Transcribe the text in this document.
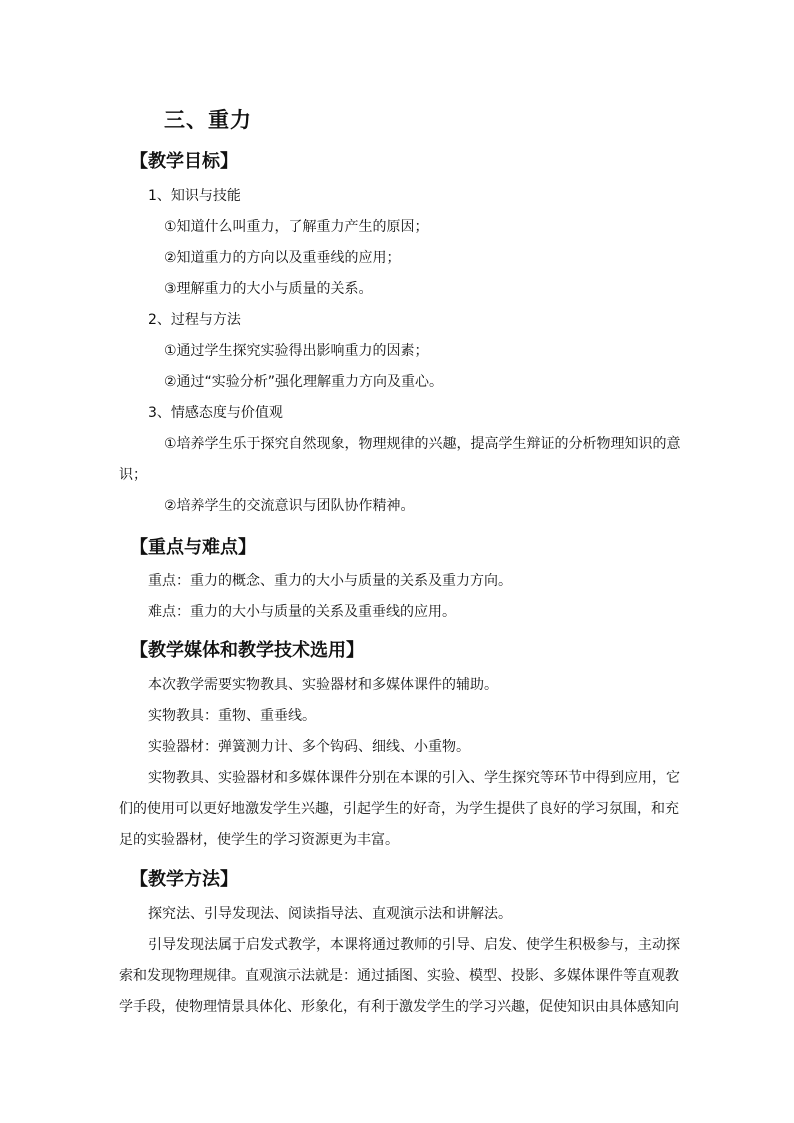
三、重力
【教学目标】
1、知识与技能
①知道什么叫重力，了解重力产生的原因；
②知道重力的方向以及重垂线的应用；
③理解重力的大小与质量的关系。
2、过程与方法
①通过学生探究实验得出影响重力的因素；
②通过“实验分析”强化理解重力方向及重心。
3、情感态度与价值观
①培养学生乐于探究自然现象，物理规律的兴趣，提高学生辩证的分析物理知识的意
识；
②培养学生的交流意识与团队协作精神。
【重点与难点】
重点：重力的概念、重力的大小与质量的关系及重力方向。
难点：重力的大小与质量的关系及重垂线的应用。
【教学媒体和教学技术选用】
本次教学需要实物教具、实验器材和多媒体课件的辅助。
实物教具：重物、重垂线。
实验器材：弹簧测力计、多个钩码、细线、小重物。
实物教具、实验器材和多媒体课件分别在本课的引入、学生探究等环节中得到应用，它
们的使用可以更好地激发学生兴趣，引起学生的好奇，为学生提供了良好的学习氛围，和充
足的实验器材，使学生的学习资源更为丰富。
【教学方法】
探究法、引导发现法、阅读指导法、直观演示法和讲解法。
引导发现法属于启发式教学，本课将通过教师的引导、启发、使学生积极参与，主动探
索和发现物理规律。直观演示法就是：通过插图、实验、模型、投影、多媒体课件等直观教
学手段，使物理情景具体化、形象化，有利于激发学生的学习兴趣，促使知识由具体感知向
